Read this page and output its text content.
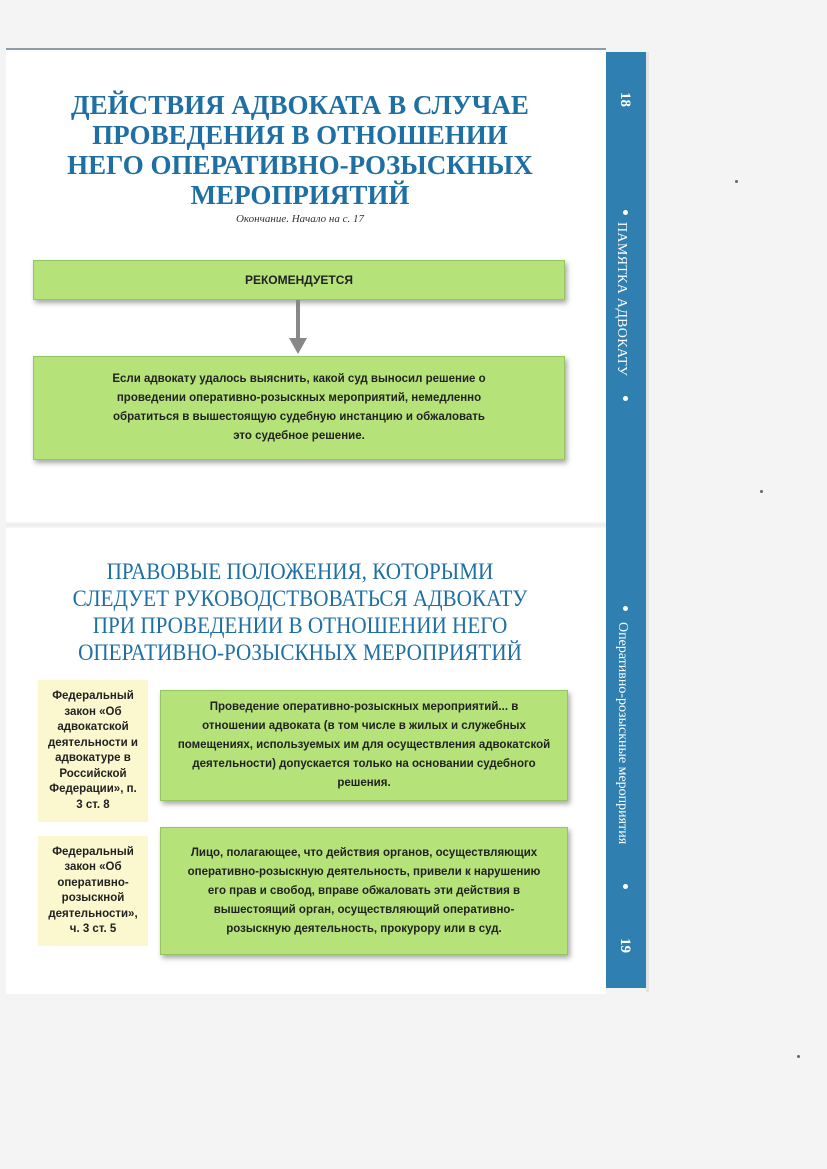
18
ПАМЯТКА АДВОКАТУ
Оперативно-розыскные мероприятия
19
ДЕЙСТВИЯ АДВОКАТА В СЛУЧАЕ ПРОВЕДЕНИЯ В ОТНОШЕНИИ НЕГО ОПЕРАТИВНО-РОЗЫСКНЫХ МЕРОПРИЯТИЙ
Окончание. Начало на с. 17
РЕКОМЕНДУЕТСЯ
Если адвокату удалось выяснить, какой суд выносил решение о проведении оперативно-розыскных мероприятий, немедленно обратиться в вышестоящую судебную инстанцию и обжаловать это судебное решение.
ПРАВОВЫЕ ПОЛОЖЕНИЯ, КОТОРЫМИ СЛЕДУЕТ РУКОВОДСТВОВАТЬСЯ АДВОКАТУ ПРИ ПРОВЕДЕНИИ В ОТНОШЕНИИ НЕГО ОПЕРАТИВНО-РОЗЫСКНЫХ МЕРОПРИЯТИЙ
Федеральный закон «Об адвокатской деятельности и адвокатуре в Российской Федерации», п. 3 ст. 8
Проведение оперативно-розыскных мероприятий... в отношении адвоката (в том числе в жилых и служебных помещениях, используемых им для осуществления адвокатской деятельности) допускается только на основании судебного решения.
Федеральный закон «Об оперативно-розыскной деятельности», ч. 3 ст. 5
Лицо, полагающее, что действия органов, осуществляющих оперативно-розыскную деятельность, привели к нарушению его прав и свобод, вправе обжаловать эти действия в вышестоящий орган, осуществляющий оперативно-розыскную деятельность, прокурору или в суд.
